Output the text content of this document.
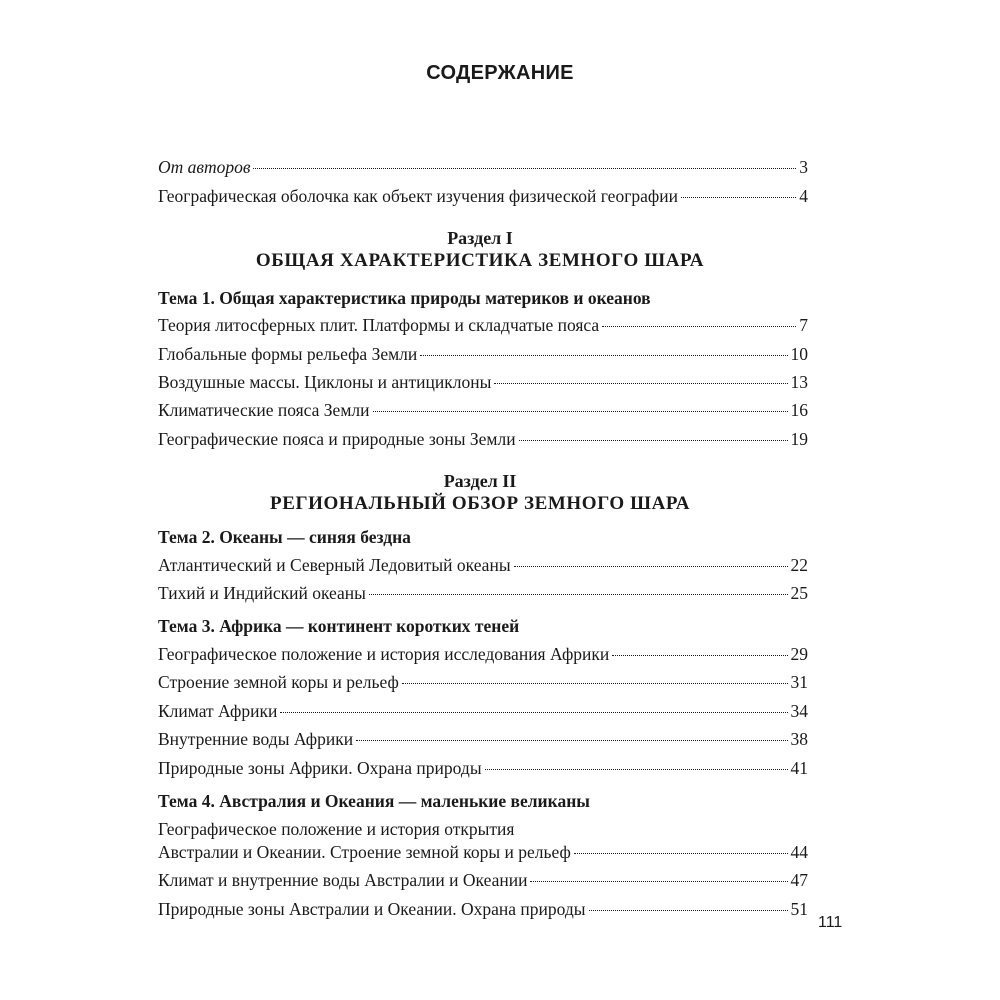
СОДЕРЖАНИЕ
От авторов	3
Географическая оболочка как объект изучения физической географии	4
Раздел I
ОБЩАЯ ХАРАКТЕРИСТИКА ЗЕМНОГО ШАРА
Тема 1. Общая характеристика природы материков и океанов
Теория литосферных плит. Платформы и складчатые пояса	7
Глобальные формы рельефа Земли	10
Воздушные массы. Циклоны и антициклоны	13
Климатические пояса Земли	16
Географические пояса и природные зоны Земли	19
Раздел II
РЕГИОНАЛЬНЫЙ ОБЗОР ЗЕМНОГО ШАРА
Тема 2. Океаны — синяя бездна
Атлантический и Северный Ледовитый океаны	22
Тихий и Индийский океаны	25
Тема 3. Африка — континент коротких теней
Географическое положение и история исследования Африки	29
Строение земной коры и рельеф	31
Климат Африки	34
Внутренние воды Африки	38
Природные зоны Африки. Охрана природы	41
Тема 4. Австралия и Океания — маленькие великаны
Географическое положение и история открытия
Австралии и Океании. Строение земной коры и рельеф	44
Климат и внутренние воды Австралии и Океании	47
Природные зоны Австралии и Океании. Охрана природы	51
111
